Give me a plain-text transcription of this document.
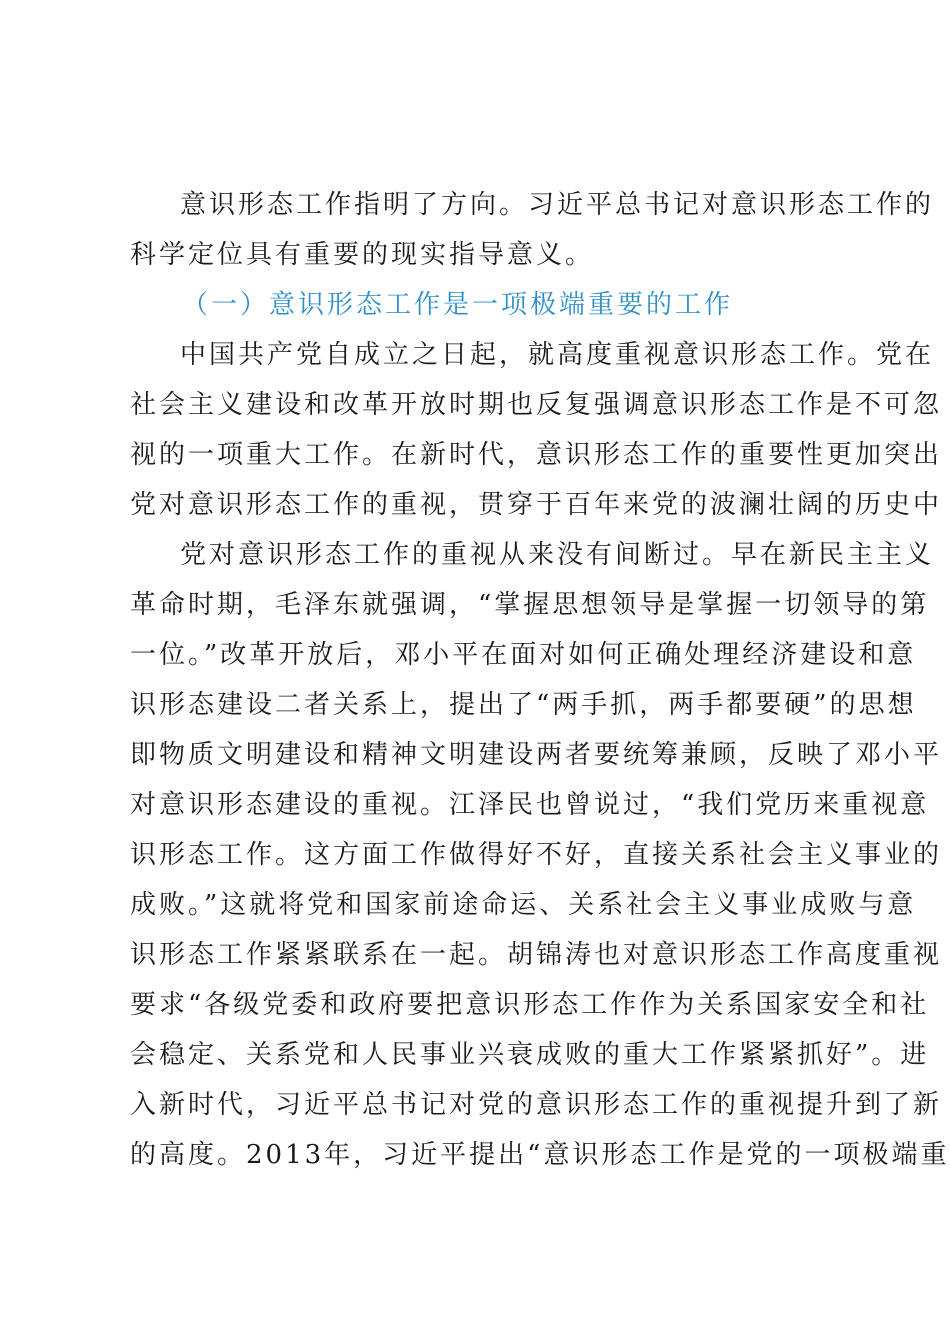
意识形态工作指明了方向。习近平总书记对意识形态工作的
科学定位具有重要的现实指导意义。
（一）意识形态工作是一项极端重要的工作
中国共产党自成立之日起，就高度重视意识形态工作。党在
社会主义建设和改革开放时期也反复强调意识形态工作是不可忽
视的一项重大工作。在新时代，意识形态工作的重要性更加突出
党对意识形态工作的重视，贯穿于百年来党的波澜壮阔的历史中
党对意识形态工作的重视从来没有间断过。早在新民主主义
革命时期，毛泽东就强调，“掌握思想领导是掌握一切领导的第
一位。”改革开放后，邓小平在面对如何正确处理经济建设和意
识形态建设二者关系上，提出了“两手抓，两手都要硬”的思想
即物质文明建设和精神文明建设两者要统筹兼顾，反映了邓小平
对意识形态建设的重视。江泽民也曾说过，“我们党历来重视意
识形态工作。这方面工作做得好不好，直接关系社会主义事业的
成败。”这就将党和国家前途命运、关系社会主义事业成败与意
识形态工作紧紧联系在一起。胡锦涛也对意识形态工作高度重视
要求“各级党委和政府要把意识形态工作作为关系国家安全和社
会稳定、关系党和人民事业兴衰成败的重大工作紧紧抓好”。进
入新时代，习近平总书记对党的意识形态工作的重视提升到了新
的高度。2013年，习近平提出“意识形态工作是党的一项极端重
